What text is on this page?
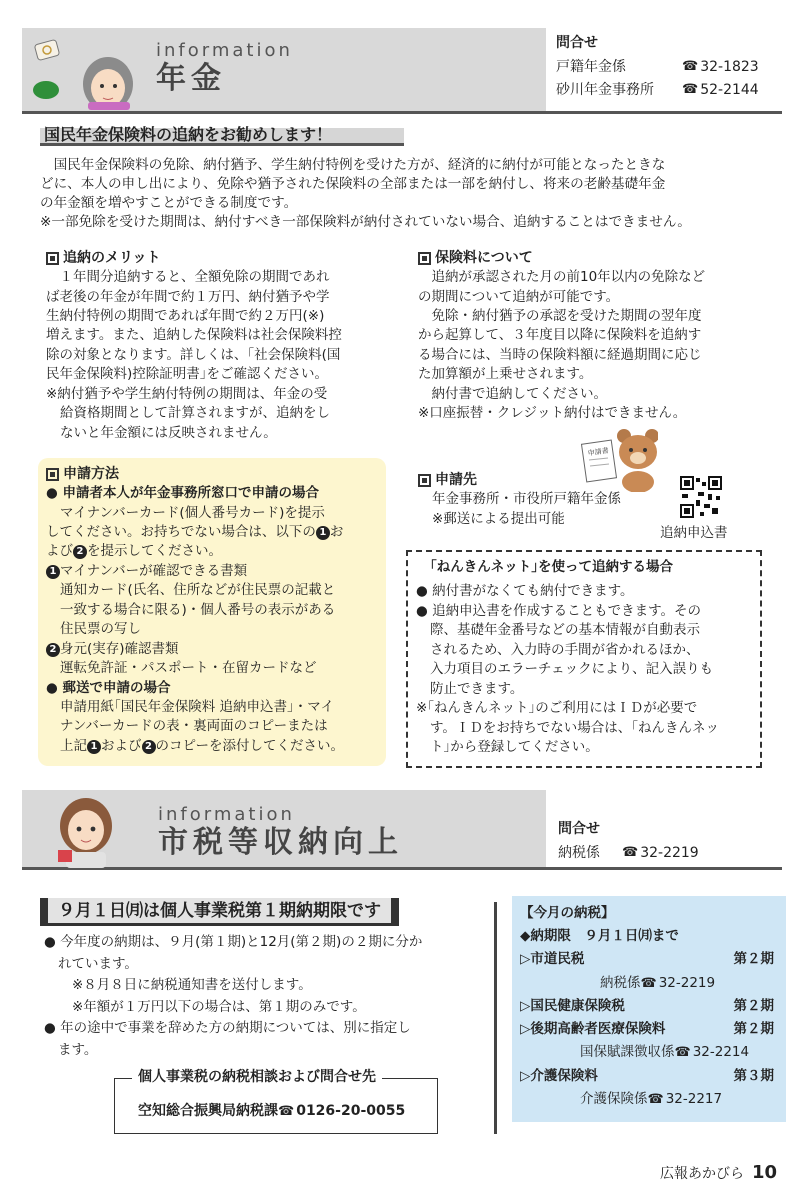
information
年金
問合せ
戸籍年金係	☎ 32-1823
砂川年金事務所	☎ 52-2144
国民年金保険料の追納をお勧めします！
　国民年金保険料の免除、納付猶予、学生納付特例を受けた方が、経済的に納付が可能となったときな
どに、本人の申し出により、免除や猶予された保険料の全部または一部を納付し、将来の老齢基礎年金
の年金額を増やすことができる制度です。
※一部免除を受けた期間は、納付すべき一部保険料が納付されていない場合、追納することはできません。
追納のメリット
　１年間分追納すると、全額免除の期間であれ
ば老後の年金が年間で約１万円、納付猶予や学
生納付特例の期間であれば年間で約２万円(※)
増えます。また、追納した保険料は社会保険料控
除の対象となります。詳しくは、｢社会保険料(国
民年金保険料)控除証明書｣をご確認ください。
※納付猶予や学生納付特例の期間は、年金の受
給資格期間として計算されますが、追納をし
ないと年金額には反映されません。
保険料について
　追納が承認された月の前10年以内の免除など
の期間について追納が可能です。
　免除・納付猶予の承認を受けた期間の翌年度
から起算して、３年度目以降に保険料を追納す
る場合には、当時の保険料額に経過期間に応じ
た加算額が上乗せされます。
　納付書で追納してください。
※口座振替・クレジット納付はできません。
申請方法
● 申請者本人が年金事務所窓口で申請の場合
マイナンバーカード(個人番号カード)を提示
してください。お持ちでない場合は、以下の 1 お
よび 2 を提示してください。
1 マイナンバーが確認できる書類
通知カード(氏名、住所などが住民票の記載と
一致する場合に限る)・個人番号の表示がある
住民票の写し
2 身元(実存)確認書類
運転免許証・パスポート・在留カードなど
● 郵送で申請の場合
申請用紙｢国民年金保険料 追納申込書｣・マイ
ナンバーカードの表・裏両面のコピーまたは
上記 1 および 2 のコピーを添付してください。
申請書
申請先
年金事務所・市役所戸籍年金係
※郵送による提出可能
追納申込書
｢ねんきんネット｣を使って追納する場合
● 納付書がなくても納付できます。
● 追納申込書を作成することもできます。その
際、基礎年金番号などの基本情報が自動表示
されるため、入力時の手間が省かれるほか、
入力項目のエラーチェックにより、記入誤りも
防止できます。
※｢ねんきんネット｣のご利用にはＩＤが必要で
す。ＩＤをお持ちでない場合は、｢ねんきんネッ
ト｣から登録してください。
information
市税等収納向上	問合せ
納税係	☎ 32-2219
９月１日㈪は個人事業税第１期納期限です
● 今年度の納期は、９月(第１期)と12月(第２期)の２期に分か
れています。
※８月８日に納税通知書を送付します。
※年額が１万円以下の場合は、第１期のみです。
● 年の途中で事業を辞めた方の納期については、別に指定し
ます。
個人事業税の納税相談および問合せ先
空知総合振興局納税課☎ 0126-20-0055
【今月の納税】
◆納期限　９月１日㈪まで
▷市道民税	第２期
納税係☎ 32-2219
▷国民健康保険税	第２期
▷後期高齢者医療保険料	第２期
国保賦課徴収係☎ 32-2214
▷介護保険料	第３期
介護保険係☎ 32-2217
広報あかびら 10
